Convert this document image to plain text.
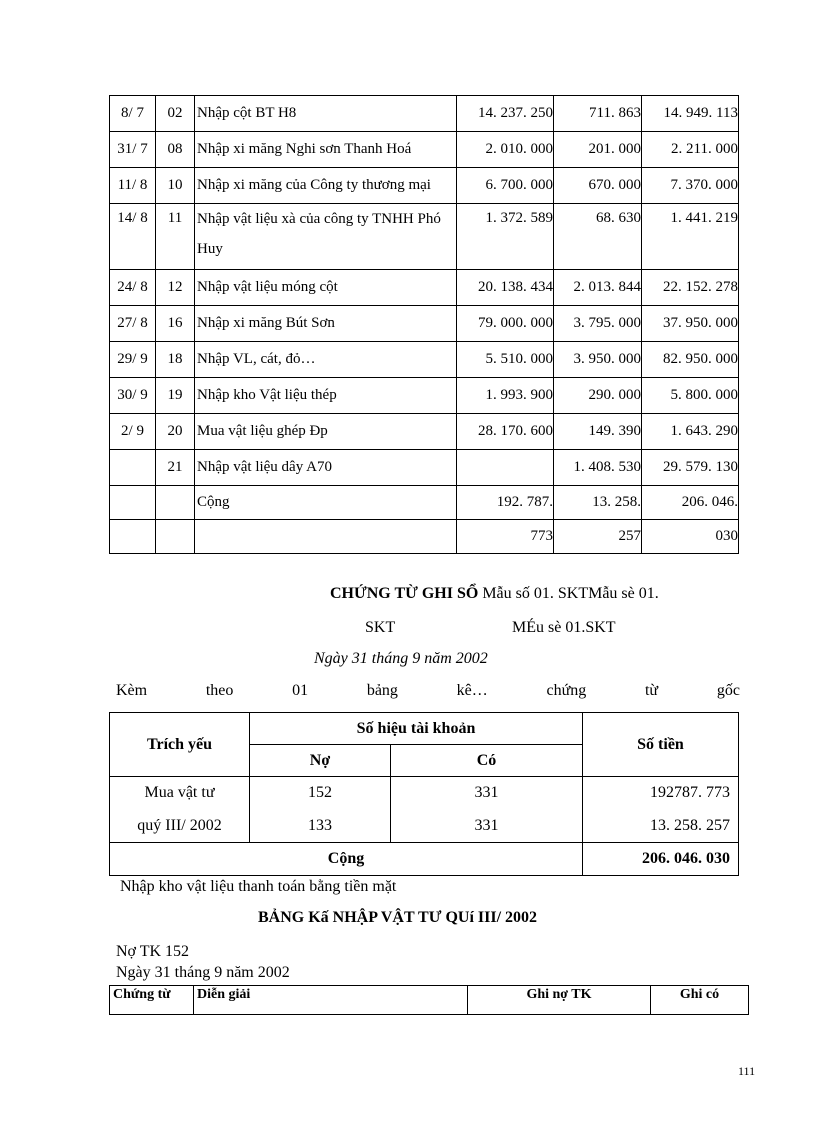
8/ 7	02	Nhập cột BT H8	14. 237. 250	711. 863	14. 949. 113
31/ 7	08	Nhập xi măng Nghi sơn Thanh Hoá	2. 010. 000	201. 000	2. 211. 000
11/ 8	10	Nhập xi măng của Công ty thương mại	6. 700. 000	670. 000	7. 370. 000
14/ 8	11	Nhập vật liệu xà của công ty TNHH Phó Huy	1. 372. 589	68. 630	1. 441. 219
24/ 8	12	Nhập vật liệu móng cột	20. 138. 434	2. 013. 844	22. 152. 278
27/ 8	16	Nhập xi măng Bút Sơn	79. 000. 000	3. 795. 000	37. 950. 000
29/ 9	18	Nhập VL, cát, đỏ…	5. 510. 000	3. 950. 000	82. 950. 000
30/ 9	19	Nhập kho Vật liệu thép	1. 993. 900	290. 000	5. 800. 000
2/ 9	20	Mua vật liệu ghép Đp	28. 170. 600	149. 390	1. 643. 290
	21	Nhập vật liệu dây A70		1. 408. 530	29. 579. 130
		Cộng	192. 787.	13. 258.	206. 046.
			773	257	030
CHỨNG TỪ GHI SỔ Mẫu số 01. SKTMẫu sè 01.
SKT	MÉu sè 01.SKT
Ngày 31 tháng 9 năm 2002
Kèm	theo	01	bảng	kê…	chứng	từ	gốc
Trích yếu	Số hiệu tài khoản		Số tiền
	Nợ	Có	
Mua vật tư	152	331	192787. 773
quý III/ 2002	133	331	13. 258. 257
Cộng			206. 046. 030
Nhập kho vật liệu thanh toán bằng tiền mặt
BẢNG Kấ NHẬP VẬT TƯ QUí III/ 2002
Nợ TK 152
Ngày 31 tháng 9 năm 2002
Chứng từ	Diễn giải	Ghi nợ TK	Ghi có
111
